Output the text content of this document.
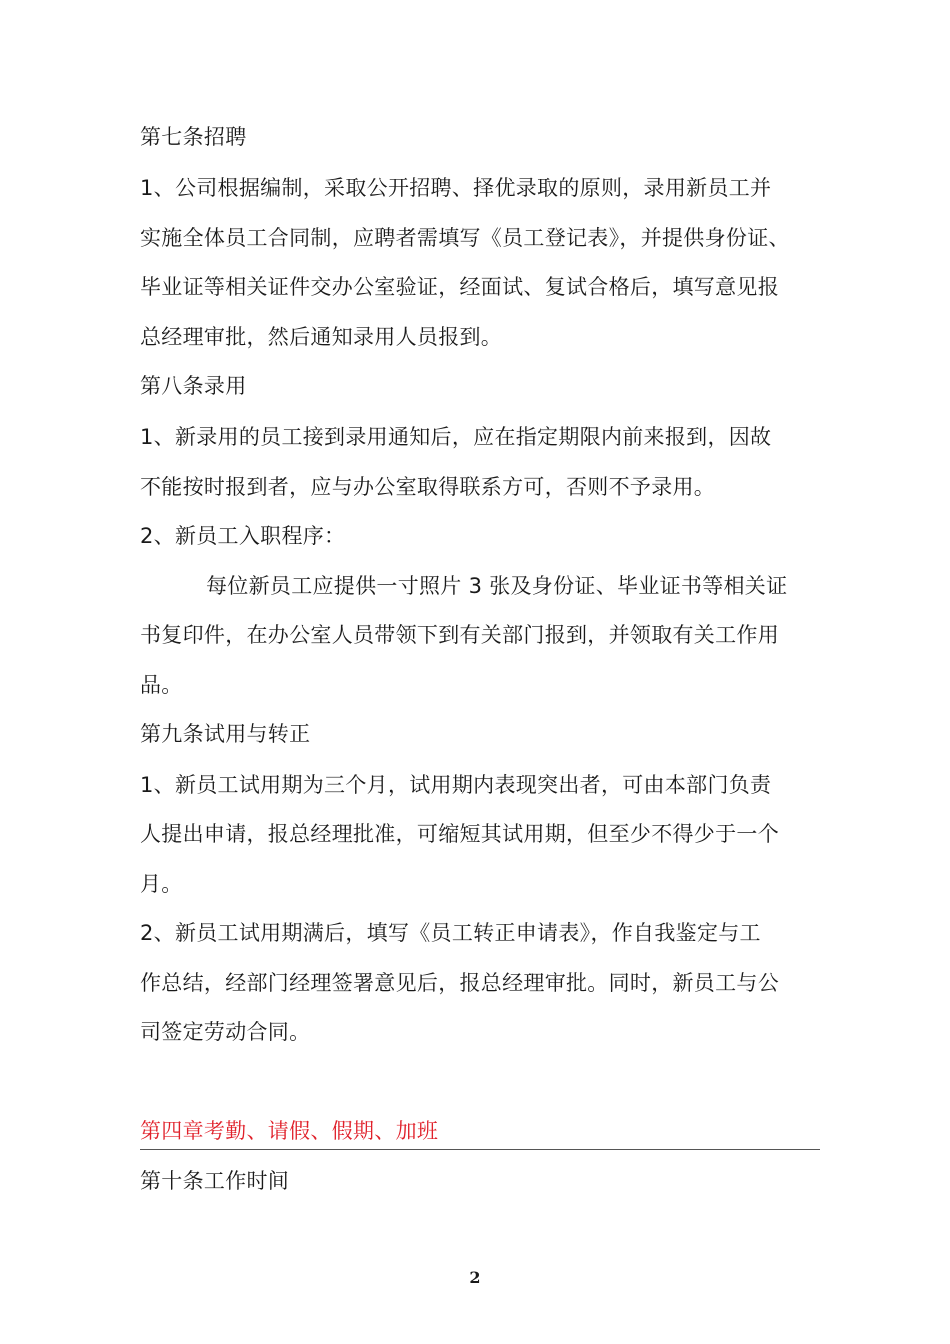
第七条招聘
1、公司根据编制，采取公开招聘、择优录取的原则，录用新员工并
实施全体员工合同制，应聘者需填写《员工登记表》，并提供身份证、
毕业证等相关证件交办公室验证，经面试、复试合格后，填写意见报
总经理审批，然后通知录用人员报到。
第八条录用
1、新录用的员工接到录用通知后，应在指定期限内前来报到，因故
不能按时报到者，应与办公室取得联系方可，否则不予录用。
2、新员工入职程序：
每位新员工应提供一寸照片 3 张及身份证、毕业证书等相关证
书复印件，在办公室人员带领下到有关部门报到，并领取有关工作用
品。
第九条试用与转正
1、新员工试用期为三个月，试用期内表现突出者，可由本部门负责
人提出申请，报总经理批准，可缩短其试用期，但至少不得少于一个
月。
2、新员工试用期满后，填写《员工转正申请表》，作自我鉴定与工
作总结，经部门经理签署意见后，报总经理审批。同时，新员工与公
司签定劳动合同。
第四章考勤、请假、假期、加班
第十条工作时间
2
